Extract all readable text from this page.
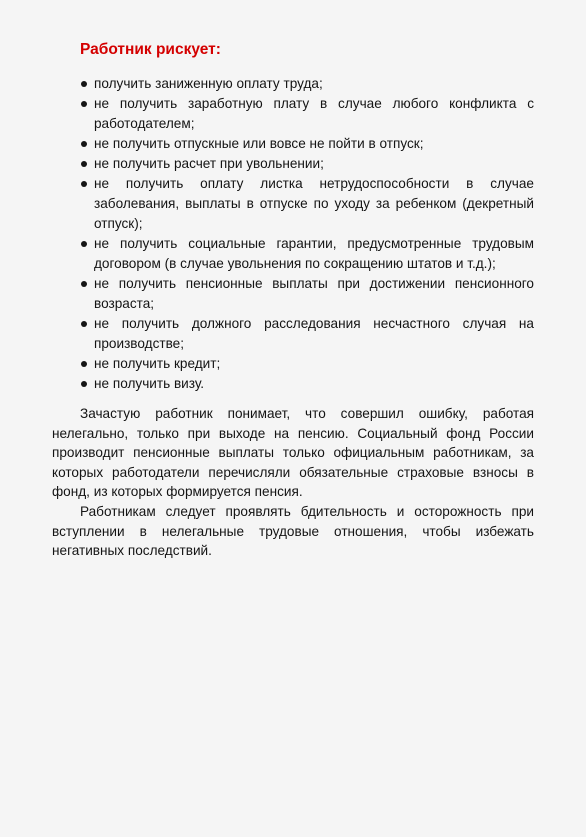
Работник рискует:
получить заниженную оплату труда;
не получить заработную плату в случае любого конфликта с работодателем;
не получить отпускные или вовсе не пойти в отпуск;
не получить расчет при увольнении;
не получить оплату листка нетрудоспособности в случае заболевания, выплаты в отпуске по уходу за ребенком (декретный отпуск);
не получить социальные гарантии, предусмотренные трудовым договором (в случае увольнения по сокращению штатов и т.д.);
не получить пенсионные выплаты при достижении пенсионного возраста;
не получить должного расследования несчастного случая на производстве;
не получить кредит;
не получить визу.

Зачастую работник понимает, что совершил ошибку, работая нелегально, только при выходе на пенсию. Социальный фонд России производит пенсионные выплаты только официальным работникам, за которых работодатели перечисляли обязательные страховые взносы в фонд, из которых формируется пенсия.

Работникам следует проявлять бдительность и осторожность при вступлении в нелегальные трудовые отношения, чтобы избежать негативных последствий.
